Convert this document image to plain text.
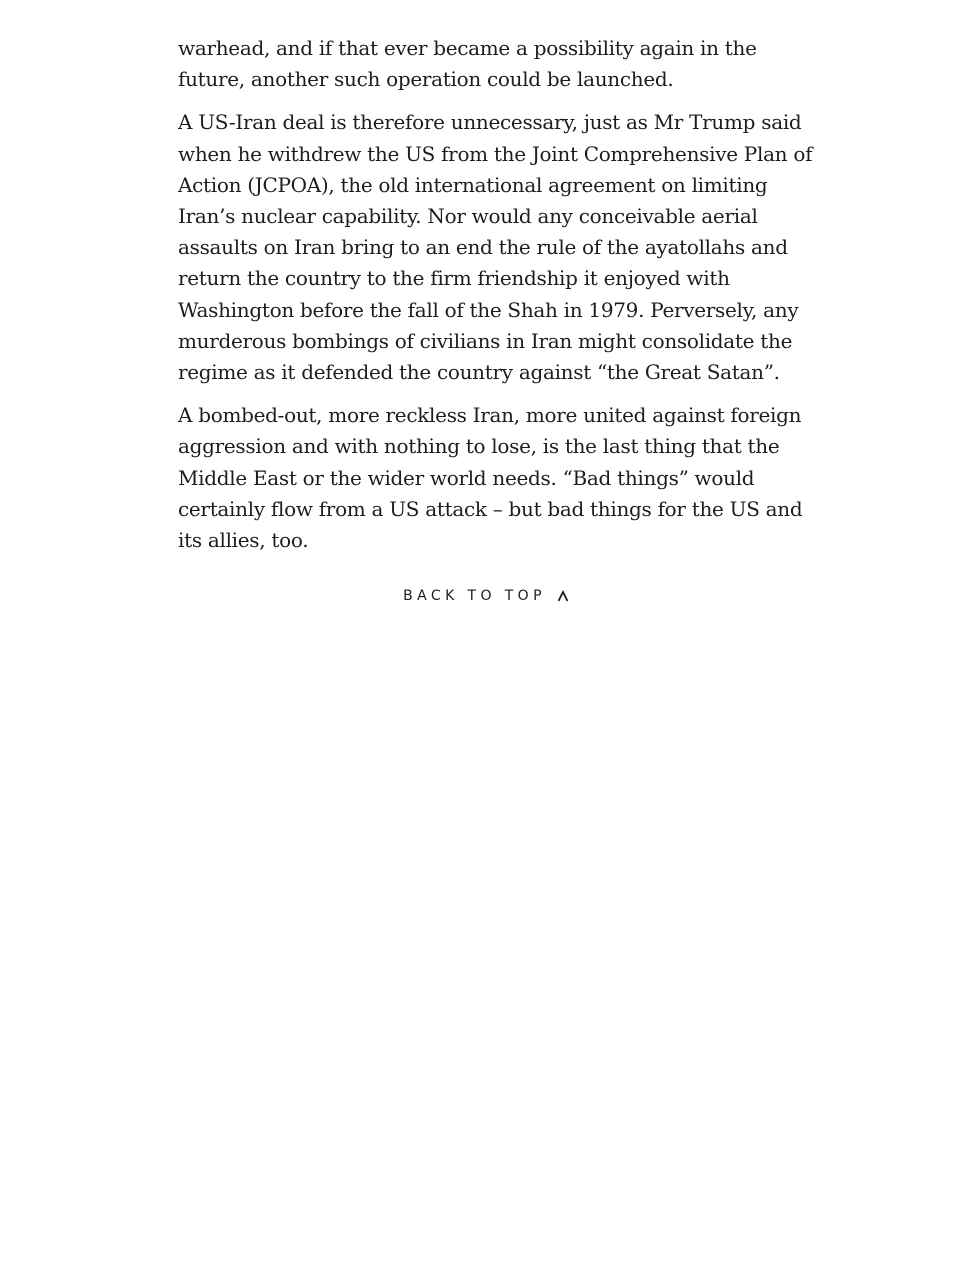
warhead, and if that ever became a possibility again in the
future, another such operation could be launched.

A US-Iran deal is therefore unnecessary, just as Mr Trump said
when he withdrew the US from the Joint Comprehensive Plan of
Action (JCPOA), the old international agreement on limiting
Iran’s nuclear capability. Nor would any conceivable aerial
assaults on Iran bring to an end the rule of the ayatollahs and
return the country to the firm friendship it enjoyed with
Washington before the fall of the Shah in 1979. Perversely, any
murderous bombings of civilians in Iran might consolidate the
regime as it defended the country against “the Great Satan”.

A bombed-out, more reckless Iran, more united against foreign
aggression and with nothing to lose, is the last thing that the
Middle East or the wider world needs. “Bad things” would
certainly flow from a US attack – but bad things for the US and
its allies, too.

BACK TO TOP
